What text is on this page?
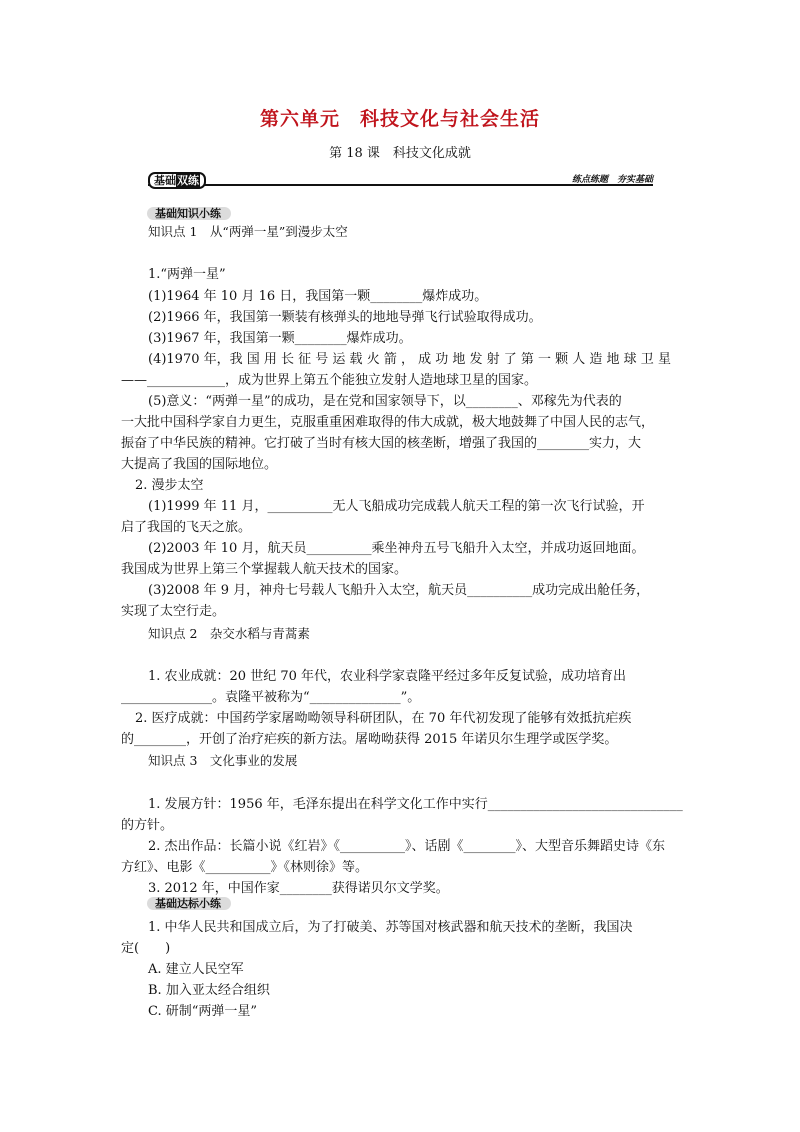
第六单元　科技文化与社会生活
第 18 课　科技文化成就
基础双练	练点练题　夯实基础
基础知识小练
知识点 1　从“两弹一星”到漫步太空
1.“两弹一星”
(1)1964 年 10 月 16 日，我国第一颗________爆炸成功。
(2)1966 年，我国第一颗装有核弹头的地地导弹飞行试验取得成功。
(3)1967 年，我国第一颗________爆炸成功。
(4)1970 年，我 国 用 长 征 号 运 载 火 箭 ， 成 功 地 发 射 了 第 一 颗 人 造 地 球 卫 星
——____________，成为世界上第五个能独立发射人造地球卫星的国家。
(5)意义：“两弹一星”的成功，是在党和国家领导下，以________、邓稼先为代表的
一大批中国科学家自力更生，克服重重困难取得的伟大成就，极大地鼓舞了中国人民的志气，
振奋了中华民族的精神。它打破了当时有核大国的核垄断，增强了我国的________实力，大
大提高了我国的国际地位。
2. 漫步太空
(1)1999 年 11 月，__________无人飞船成功完成载人航天工程的第一次飞行试验，开
启了我国的飞天之旅。
(2)2003 年 10 月，航天员__________乘坐神舟五号飞船升入太空，并成功返回地面。
我国成为世界上第三个掌握载人航天技术的国家。
(3)2008 年 9 月，神舟七号载人飞船升入太空，航天员__________成功完成出舱任务，
实现了太空行走。
知识点 2　杂交水稻与青蒿素
1. 农业成就：20 世纪 70 年代，农业科学家袁隆平经过多年反复试验，成功培育出
______________。袁隆平被称为“______________”。
2. 医疗成就：中国药学家屠呦呦领导科研团队，在 70 年代初发现了能够有效抵抗疟疾
的________，开创了治疗疟疾的新方法。屠呦呦获得 2015 年诺贝尔生理学或医学奖。
知识点 3　文化事业的发展
1. 发展方针：1956 年，毛泽东提出在科学文化工作中实行______________________________
的方针。
2. 杰出作品：长篇小说《红岩》《__________》、话剧《________》、大型音乐舞蹈史诗《东
方红》、电影《__________》《林则徐》等。
3. 2012 年，中国作家________获得诺贝尔文学奖。
基础达标小练
1. 中华人民共和国成立后，为了打破美、苏等国对核武器和航天技术的垄断，我国决
定(　　)
A. 建立人民空军
B. 加入亚太经合组织
C. 研制“两弹一星”
